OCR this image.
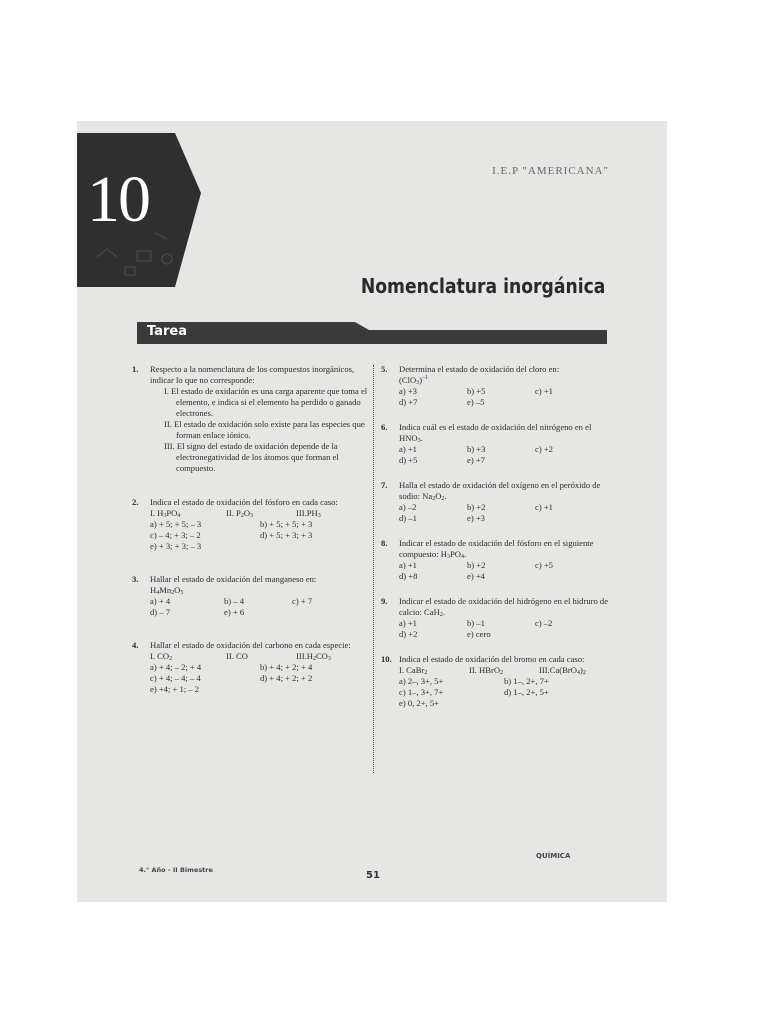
10	I.E.P "AMERICANA"
Nomenclatura inorgánica
Tarea
1. Respecto a la nomenclatura de los compuestos inorgánicos, indicar lo que no corresponde:
I. El estado de oxidación es una carga aparente que toma el elemento, e indica si el elemento ha perdido o ganado electrones.
II. El estado de oxidación solo existe para las especies que forman enlace iónico.
III. El signo del estado de oxidación depende de la electronegatividad de los átomos que forman el compuesto.
2. Indica el estado de oxidación del fósforo en cada caso:
I. $H_3PO_4$	II. $P_2O_3$	$III.PH_3$
a) + 5; + 5; – 3	b) + 5; + 5; + 3
c) – 4; + 3; – 2	d) + 5; + 3; + 3
e) + 3; + 3; – 3
3. Hallar el estado de oxidación del manganeso en:
$H_4Mn_2O_5$
a) + 4	b) – 4	c) + 7
d) – 7	e) + 6
4. Hallar el estado de oxidación del carbono en cada especie:
I. $CO_2$	II. CO	$III.H_2CO_3$
a) + 4; – 2; + 4	b) + 4; + 2; + 4
c) + 4; – 4; – 4	d) + 4; + 2; + 2
e) +4; + 1; – 2
5. Determina el estado de oxidación del cloro en:
$(ClO_3)^{-1}$
a) +3	b) +5	c) +1
d) +7	e) –5
6. Indica cuál es el estado de oxidación del nitrógeno en el $HNO_3$.
a) +1	b) +3	c) +2
d) +5	e) +7
7. Halla el estado de oxidación del oxígeno en el peróxido de sodio: $Na_2O_2$.
a) –2	b) +2	c) +1
d) –1	e) +3
8. Indicar el estado de oxidación del fósforo en el siguiente compuesto: $H_3PO_4$.
a) +1	b) +2	c) +5
d) +8	e) +4
9. Indicar el estado de oxidación del hidrógeno en el hidruro de calcio: CaH$_2$.
a) +1	b) –1	c) –2
d) +2	e) cero
10. Indica el estado de oxidación del bromo en cada caso:
I. CaBr$_2$	II. HBrO$_2$	$III.Ca(BrO_4)_2$
a) 2–, 3+, 5+	b) 1–, 2+, 7+
c) 1–, 3+, 7+	d) 1–, 2+, 5+
e) 0, 2+, 5+
QUÍMICA
4.° Año - II Bimestre	51
